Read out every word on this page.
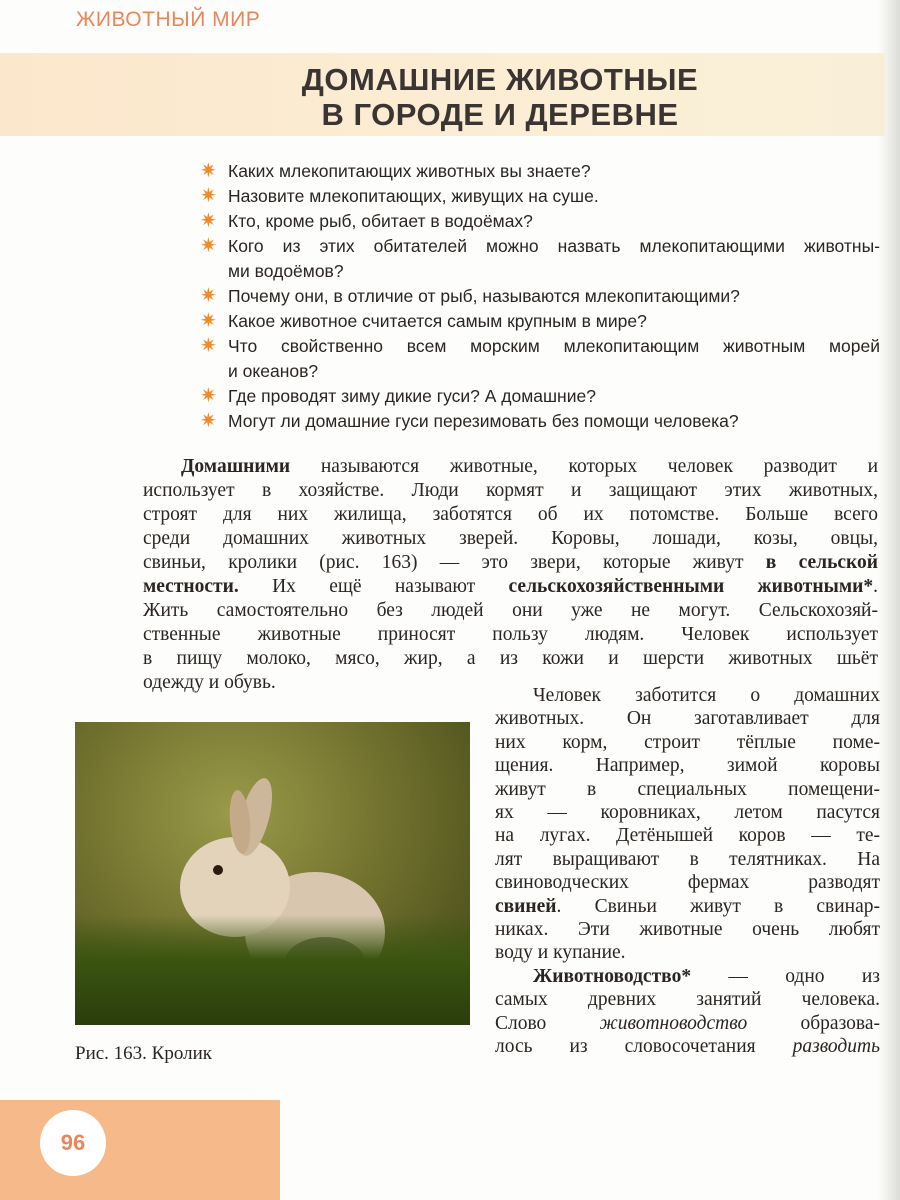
ЖИВОТНЫЙ МИР
ДОМАШНИЕ ЖИВОТНЫЕ
В ГОРОДЕ И ДЕРЕВНЕ
✷ Каких млекопитающих животных вы знаете?
✷ Назовите млекопитающих, живущих на суше.
✷ Кто, кроме рыб, обитает в водоёмах?
✷ Кого из этих обитателей можно назвать млекопитающими животны-
ми водоёмов?
✷ Почему они, в отличие от рыб, называются млекопитающими?
✷ Какое животное считается самым крупным в мире?
✷ Что свойственно всем морским млекопитающим животным морей
и океанов?
✷ Где проводят зиму дикие гуси? А домашние?
✷ Могут ли домашние гуси перезимовать без помощи человека?
Домашними называются животные, которых человек разводит и
использует в хозяйстве. Люди кормят и защищают этих животных,
строят для них жилища, заботятся об их потомстве. Больше всего
среди домашних животных зверей. Коровы, лошади, козы, овцы,
свиньи, кролики (рис. 163) — это звери, которые живут в сельской
местности. Их ещё называют сельскохозяйственными животными*.
Жить самостоятельно без людей они уже не могут. Сельскохозяй-
ственные животные приносят пользу людям. Человек использует
в пищу молоко, мясо, жир, а из кожи и шерсти животных шьёт
одежду и обувь.
Рис. 163. Кролик
Человек заботится о домашних
животных. Он заготавливает для
них корм, строит тёплые поме-
щения. Например, зимой коровы
живут в специальных помещени-
ях — коровниках, летом пасутся
на лугах. Детёнышей коров — те-
лят выращивают в телятниках. На
свиноводческих фермах разводят
свиней. Свиньи живут в свинар-
никах. Эти животные очень любят
воду и купание.
Животноводство* — одно из
самых древних занятий человека.
Слово животноводство образова-
лось из словосочетания разводить
96
